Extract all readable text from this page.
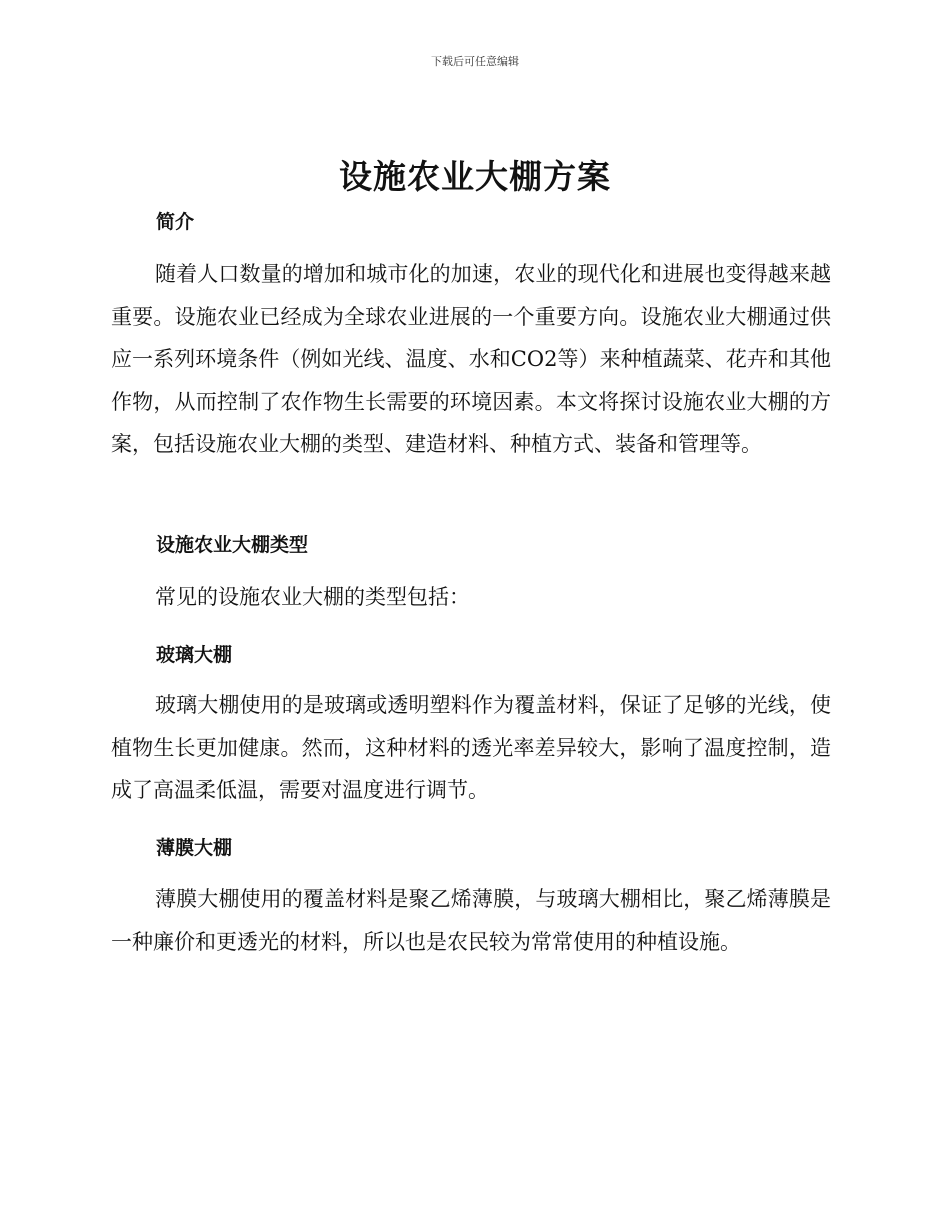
下载后可任意编辑
设施农业大棚方案
简介

随着人口数量的增加和城市化的加速，农业的现代化和进展也变得越来越重要。设施农业已经成为全球农业进展的一个重要方向。设施农业大棚通过供应一系列环境条件（例如光线、温度、水和CO2等）来种植蔬菜、花卉和其他作物，从而控制了农作物生长需要的环境因素。本文将探讨设施农业大棚的方案，包括设施农业大棚的类型、建造材料、种植方式、装备和管理等。

设施农业大棚类型

常见的设施农业大棚的类型包括：

玻璃大棚

玻璃大棚使用的是玻璃或透明塑料作为覆盖材料，保证了足够的光线，使植物生长更加健康。然而，这种材料的透光率差异较大，影响了温度控制，造成了高温柔低温，需要对温度进行调节。

薄膜大棚

薄膜大棚使用的覆盖材料是聚乙烯薄膜，与玻璃大棚相比，聚乙烯薄膜是一种廉价和更透光的材料，所以也是农民较为常常使用的种植设施。
